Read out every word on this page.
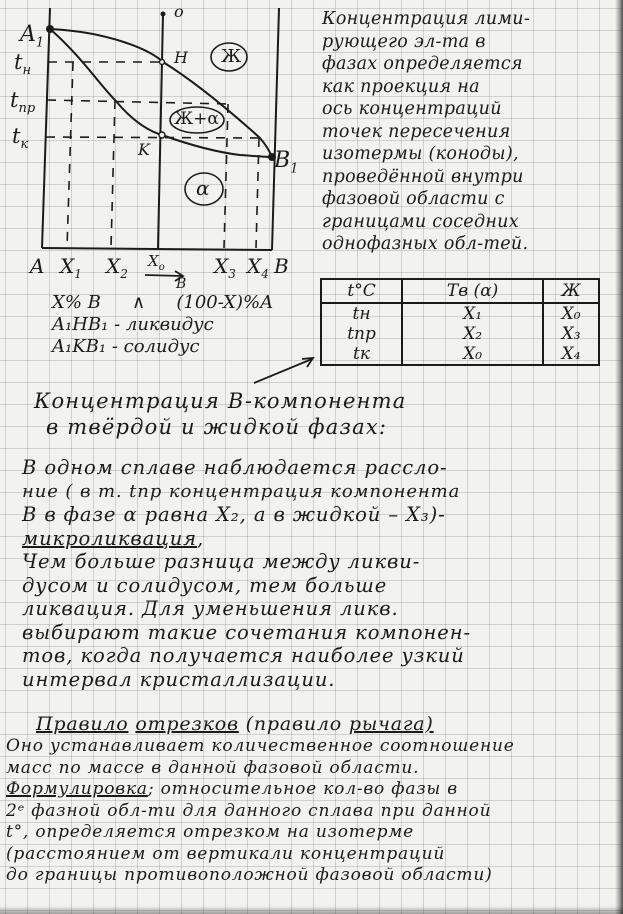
o
$A_1$
$B_1$
H
K
$t_н$
$t_{пр}$
$t_к$
A $X_1$ $X_2$
$X_o$ $X_3$ $X_4$ B
B
Ж
Ж+α
α
Концентрация лими-
рующего эл-та в
фазах определяется
как проекция на
ось концентраций
точек пересечения
изотермы (коноды),
проведённой внутри
фазовой области с
границами соседних
однофазных обл-тей.
X% B ∧ (100-X)%A
A₁HB₁ - ликвидус
A₁KB₁ - солидус
t°C	Тв (α)	Ж
tн	X₁	X₀
tпр	X₂	X₃
tк	X₀	X₄
Концентрация B-компонента
в твёрдой и жидкой фазах:
В одном сплаве наблюдается рассло-
ние ( в т. tпр концентрация компонента
B в фазе α равна X₂, а в жидкой – X₃)-
микроликвация,
Чем больше разница между ликви-
дусом и солидусом, тем больше
ликвация. Для уменьшения ликв.
выбирают такие сочетания компонен-
тов, когда получается наиболее узкий
интервал кристаллизации.
Правило отрезков (правило рычага)
Оно устанавливает количественное соотношение
масс по массе в данной фазовой области.
Формулировка; относительное кол-во фазы в
2ᵉ фазной обл-ти для данного сплава при данной
t°, определяется отрезком на изотерме
(расстоянием от вертикали концентраций
до границы противоположной фазовой области)
